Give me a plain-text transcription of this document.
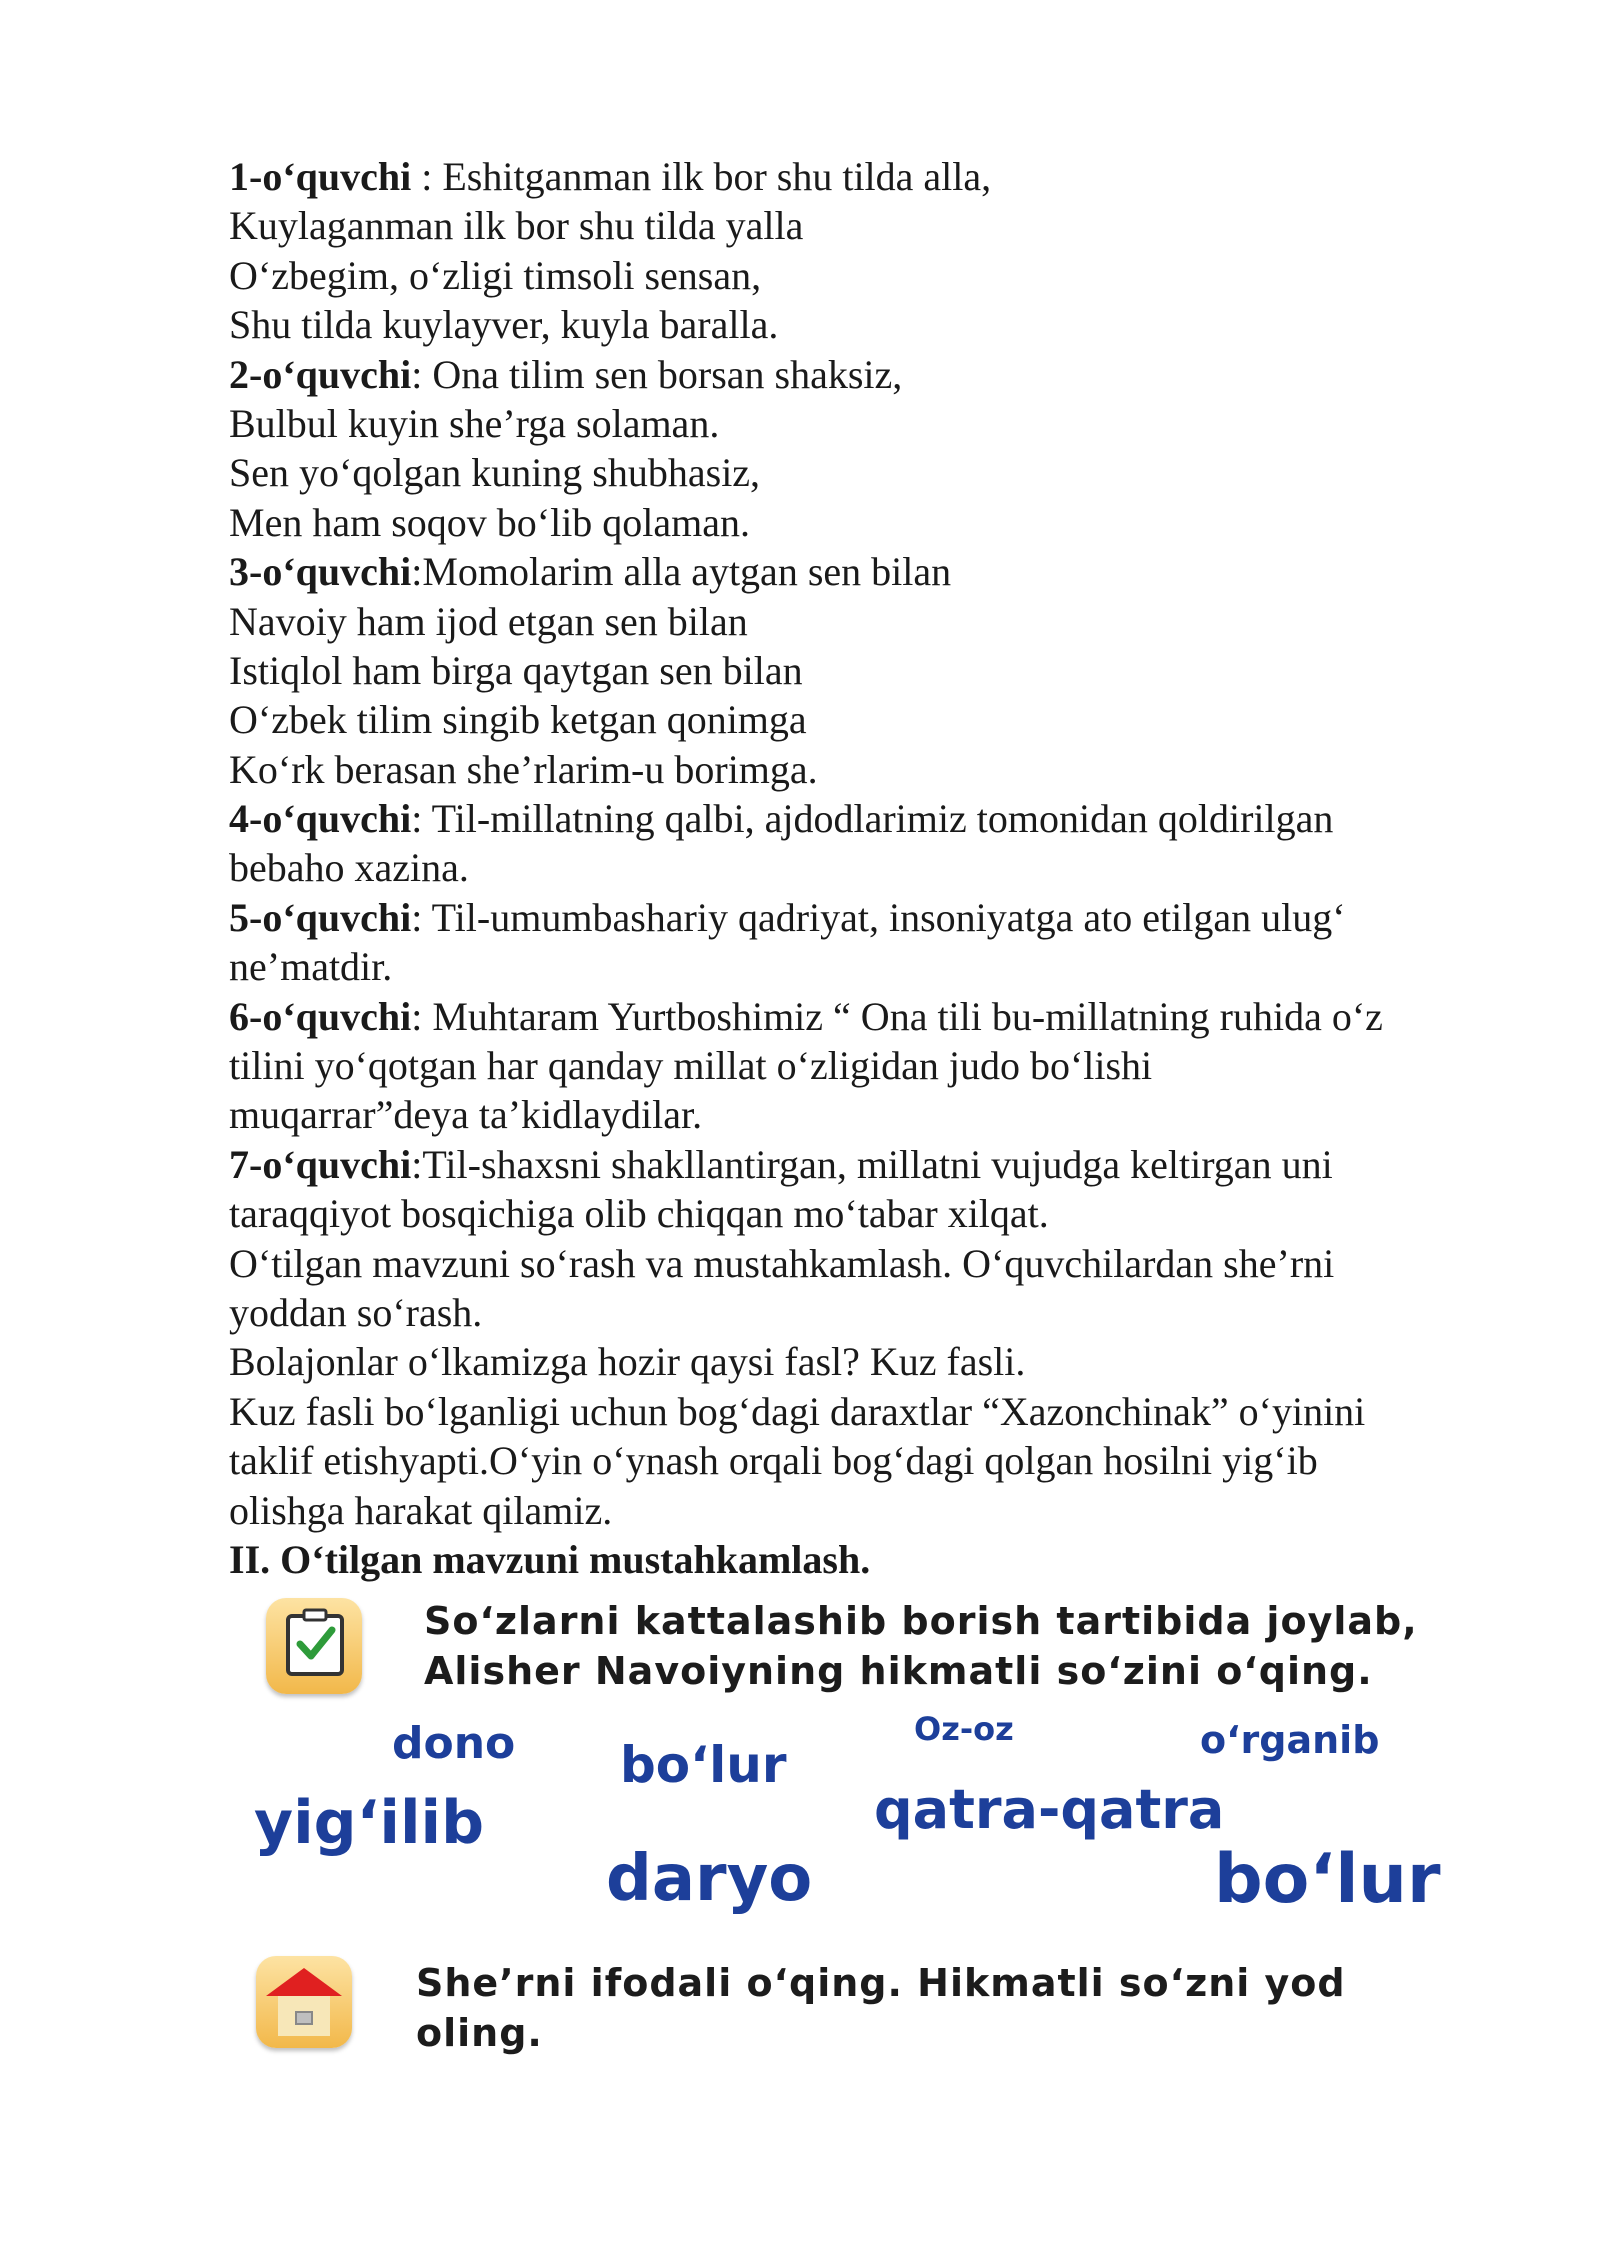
1-o‘quvchi : Eshitganman ilk bor shu tilda alla,
Kuylaganman ilk bor shu tilda yalla
O‘zbegim, o‘zligi timsoli sensan,
Shu tilda kuylayver, kuyla baralla.
2-o‘quvchi: Ona tilim sen borsan shaksiz,
Bulbul kuyin she’rga solaman.
Sen yo‘qolgan kuning shubhasiz,
Men ham soqov bo‘lib qolaman.
3-o‘quvchi:Momolarim alla aytgan sen bilan
Navoiy ham ijod etgan sen bilan
Istiqlol ham birga qaytgan sen bilan
O‘zbek tilim singib ketgan qonimga
Ko‘rk berasan she’rlarim-u borimga.
4-o‘quvchi: Til-millatning qalbi, ajdodlarimiz tomonidan qoldirilgan
bebaho xazina.
5-o‘quvchi: Til-umumbashariy qadriyat, insoniyatga ato etilgan ulug‘
ne’matdir.
6-o‘quvchi: Muhtaram Yurtboshimiz “ Ona tili bu-millatning ruhida o‘z
tilini yo‘qotgan har qanday millat o‘zligidan judo bo‘lishi
muqarrar”deya ta’kidlaydilar.
7-o‘quvchi:Til-shaxsni shakllantirgan, millatni vujudga keltirgan uni
taraqqiyot bosqichiga olib chiqqan mo‘tabar xilqat.
O‘tilgan mavzuni so‘rash va mustahkamlash. O‘quvchilardan she’rni
yoddan so‘rash.
Bolajonlar o‘lkamizga hozir qaysi fasl? Kuz fasli.
Kuz fasli bo‘lganligi uchun bog‘dagi daraxtlar “Xazonchinak” o‘yinini
taklif etishyapti.O‘yin o‘ynash orqali bog‘dagi qolgan hosilni yig‘ib
olishga harakat qilamiz.
II. O‘tilgan mavzuni mustahkamlash.
So‘zlarni kattalashib borish tartibida joylab,
Alisher Navoiyning hikmatli so‘zini o‘qing.
dono bo‘lur
Oz-oz	o‘rganib
yig‘ilib	qatra-qatra
daryo	bo‘lur
She’rni ifodali o‘qing. Hikmatli so‘zni yod
oling.
